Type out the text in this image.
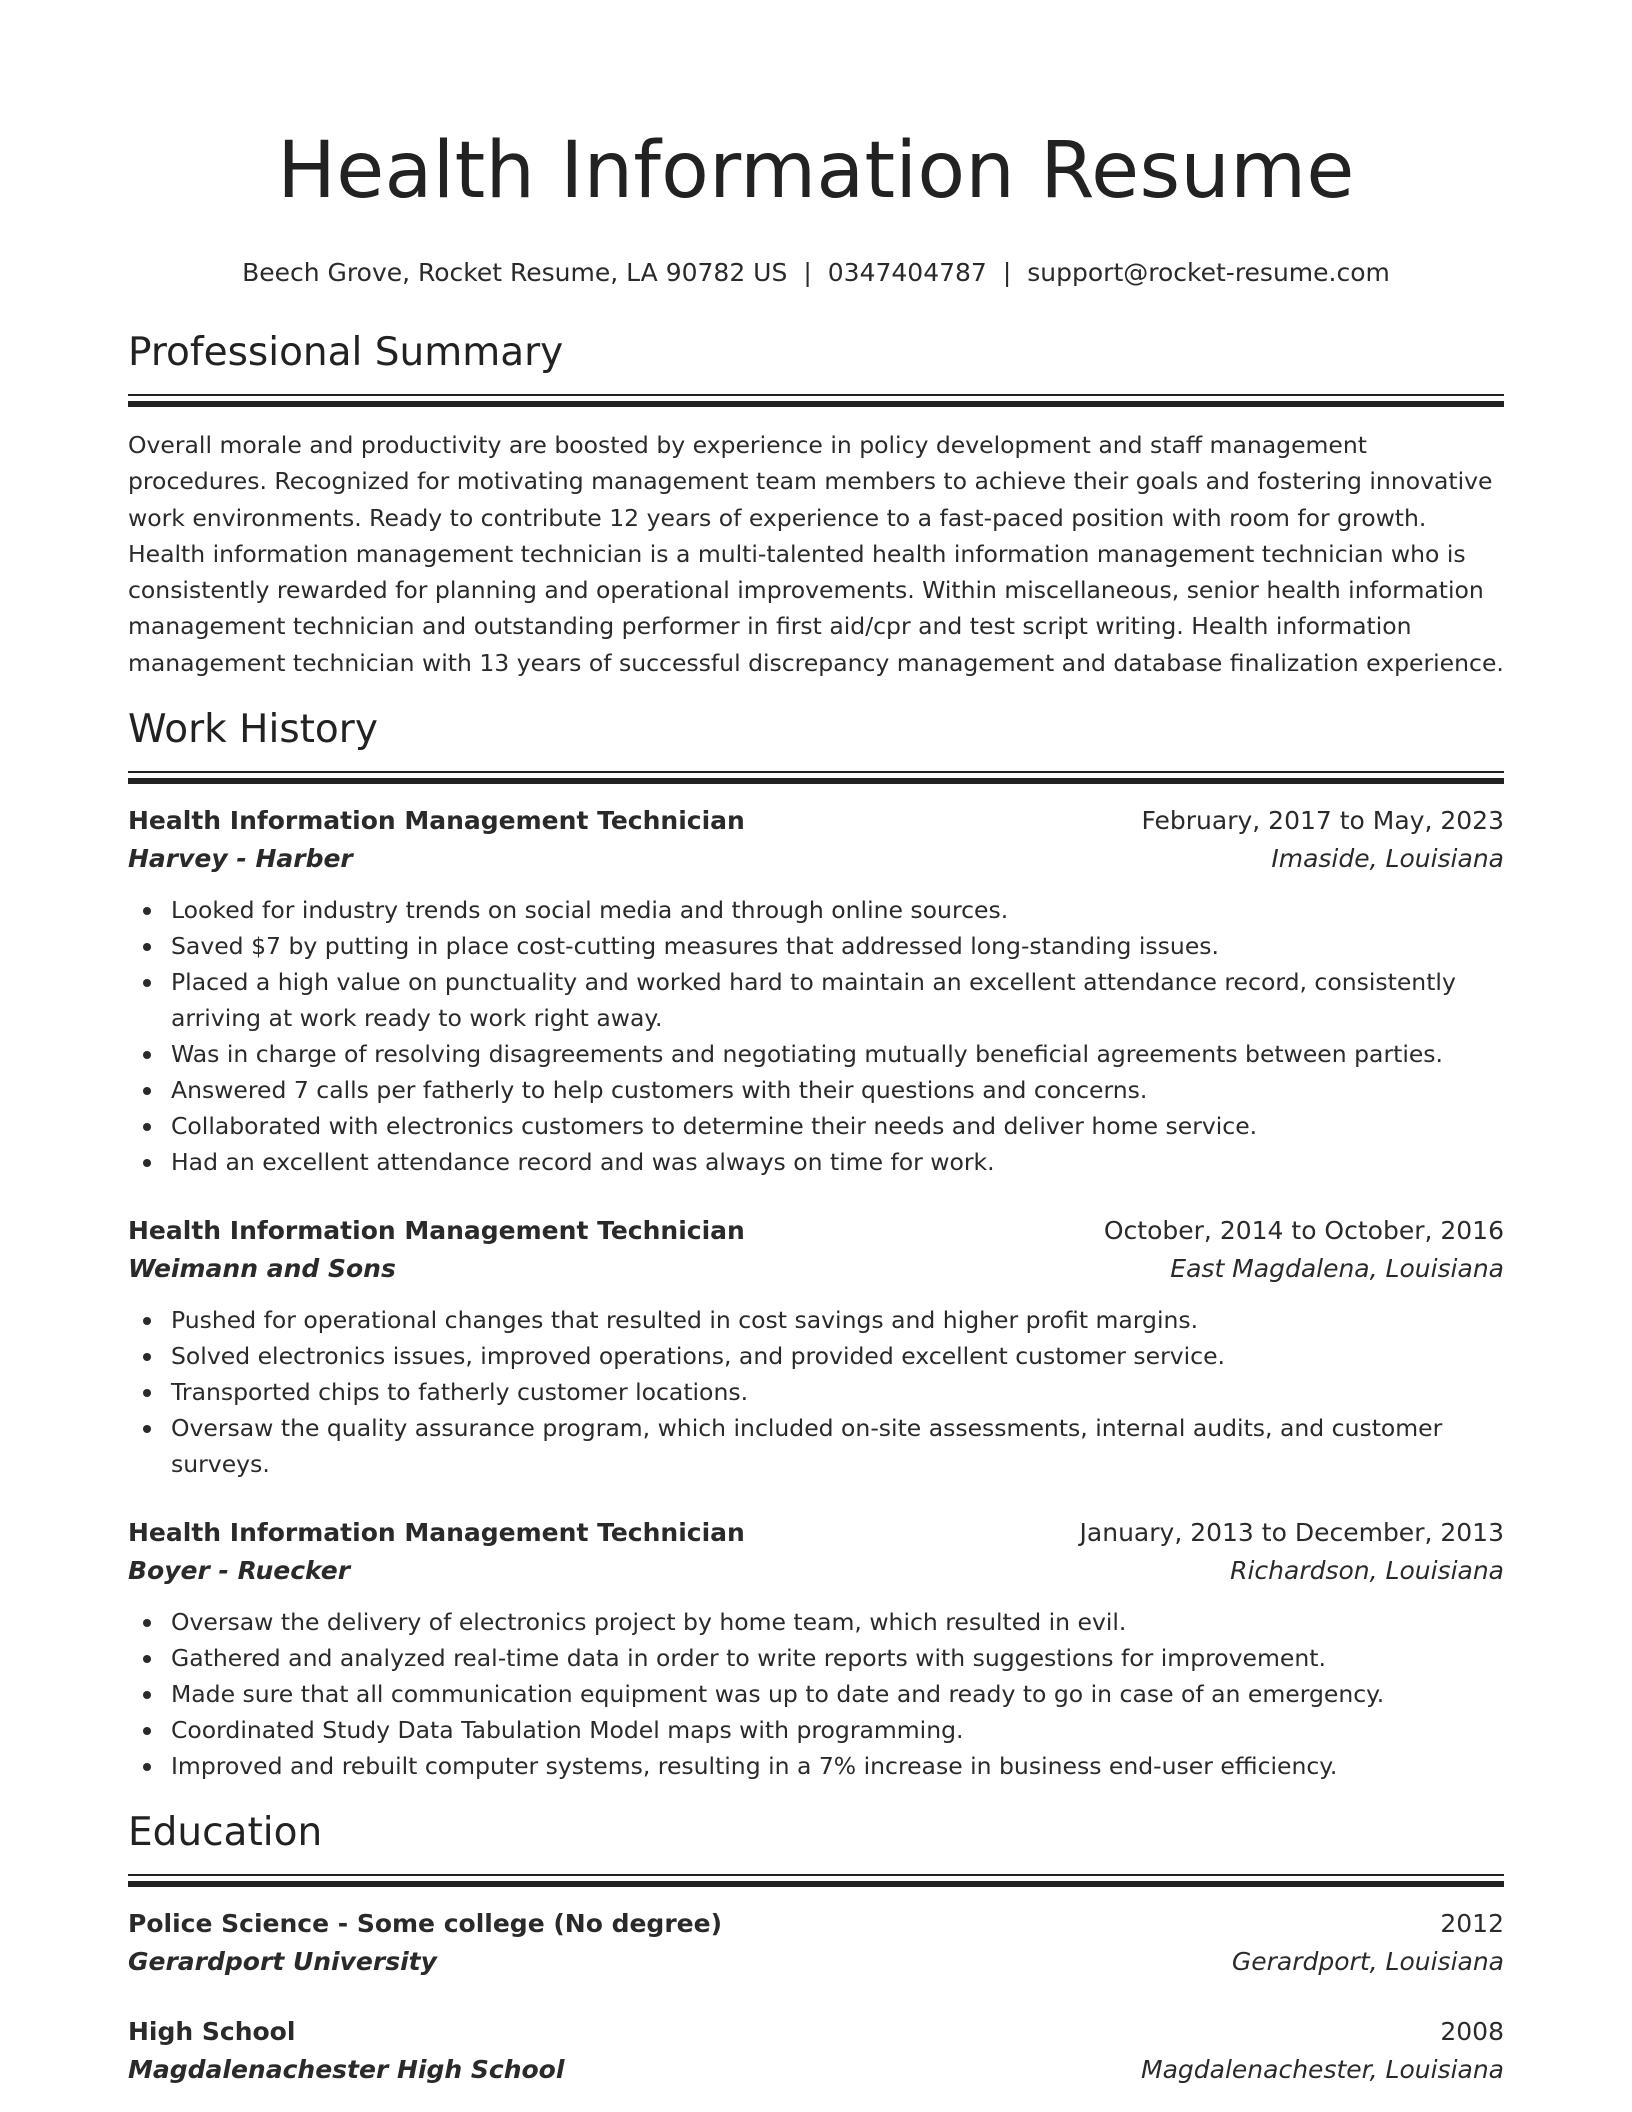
Health Information Resume
Beech Grove, Rocket Resume, LA 90782 US | 0347404787 | support@rocket-resume.com
Professional Summary

Overall morale and productivity are boosted by experience in policy development and staff management procedures. Recognized for motivating management team members to achieve their goals and fostering innovative work environments. Ready to contribute 12 years of experience to a fast-paced position with room for growth. Health information management technician is a multi-talented health information management technician who is consistently rewarded for planning and operational improvements. Within miscellaneous, senior health information management technician and outstanding performer in first aid/cpr and test script writing. Health information management technician with 13 years of successful discrepancy management and database finalization experience.

Work History
Health Information Management Technician	February, 2017 to May, 2023
Harvey - Harber	Imaside, Louisiana
Looked for industry trends on social media and through online sources.
Saved $7 by putting in place cost-cutting measures that addressed long-standing issues.
Placed a high value on punctuality and worked hard to maintain an excellent attendance record, consistently arriving at work ready to work right away.
Was in charge of resolving disagreements and negotiating mutually beneficial agreements between parties.
Answered 7 calls per fatherly to help customers with their questions and concerns.
Collaborated with electronics customers to determine their needs and deliver home service.
Had an excellent attendance record and was always on time for work.
Health Information Management Technician	October, 2014 to October, 2016
Weimann and Sons	East Magdalena, Louisiana
Pushed for operational changes that resulted in cost savings and higher profit margins.
Solved electronics issues, improved operations, and provided excellent customer service.
Transported chips to fatherly customer locations.
Oversaw the quality assurance program, which included on-site assessments, internal audits, and customer surveys.
Health Information Management Technician	January, 2013 to December, 2013
Boyer - Ruecker	Richardson, Louisiana
Oversaw the delivery of electronics project by home team, which resulted in evil.
Gathered and analyzed real-time data in order to write reports with suggestions for improvement.
Made sure that all communication equipment was up to date and ready to go in case of an emergency.
Coordinated Study Data Tabulation Model maps with programming.
Improved and rebuilt computer systems, resulting in a 7% increase in business end-user efficiency.
Education
Police Science - Some college (No degree)	2012
Gerardport University	Gerardport, Louisiana
High School	2008
Magdalenachester High School	Magdalenachester, Louisiana
